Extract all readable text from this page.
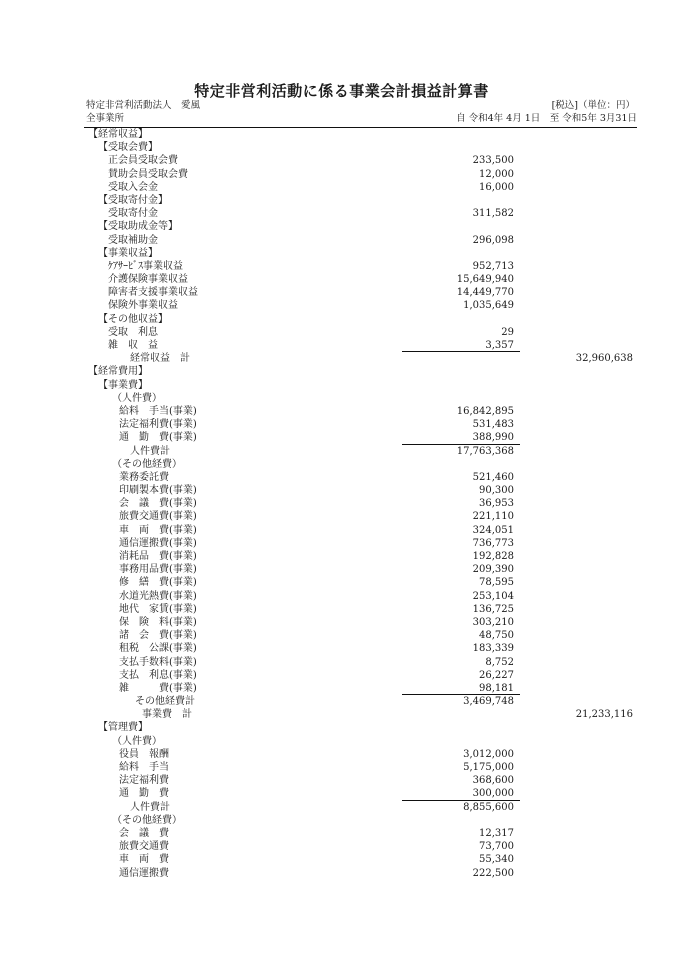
特定非営利活動に係る事業会計損益計算書
特定非営利活動法人　愛風	[税込]（単位：円）
全事業所	自 令和4年 4月 1日　至 令和5年 3月31日
【経常収益】
【受取会費】
正会員受取会費	233,500
賛助会員受取会費	12,000
受取入会金	16,000
【受取寄付金】
受取寄付金	311,582
【受取助成金等】
受取補助金	296,098
【事業収益】
ｹｱｻｰﾋﾞｽ事業収益	952,713
介護保険事業収益	15,649,940
障害者支援事業収益	14,449,770
保険外事業収益	1,035,649
【その他収益】
受取　利息	29
雑　収　益	3,357
経常収益　計	32,960,638
【経常費用】
【事業費】
（人件費）
給料　手当(事業)	16,842,895
法定福利費(事業)	531,483
通　勤　費(事業)	388,990
人件費計	17,763,368
（その他経費）
業務委託費	521,460
印刷製本費(事業)	90,300
会　議　費(事業)	36,953
旅費交通費(事業)	221,110
車　両　費(事業)	324,051
通信運搬費(事業)	736,773
消耗品　費(事業)	192,828
事務用品費(事業)	209,390
修　繕　費(事業)	78,595
水道光熱費(事業)	253,104
地代　家賃(事業)	136,725
保　険　料(事業)	303,210
諸　会　費(事業)	48,750
租税　公課(事業)	183,339
支払手数料(事業)	8,752
支払　利息(事業)	26,227
雑　　　費(事業)	98,181
その他経費計	3,469,748
事業費　計	21,233,116
【管理費】
（人件費）
役員　報酬	3,012,000
給料　手当	5,175,000
法定福利費	368,600
通　勤　費	300,000
人件費計	8,855,600
（その他経費）
会　議　費	12,317
旅費交通費	73,700
車　両　費	55,340
通信運搬費	222,500
